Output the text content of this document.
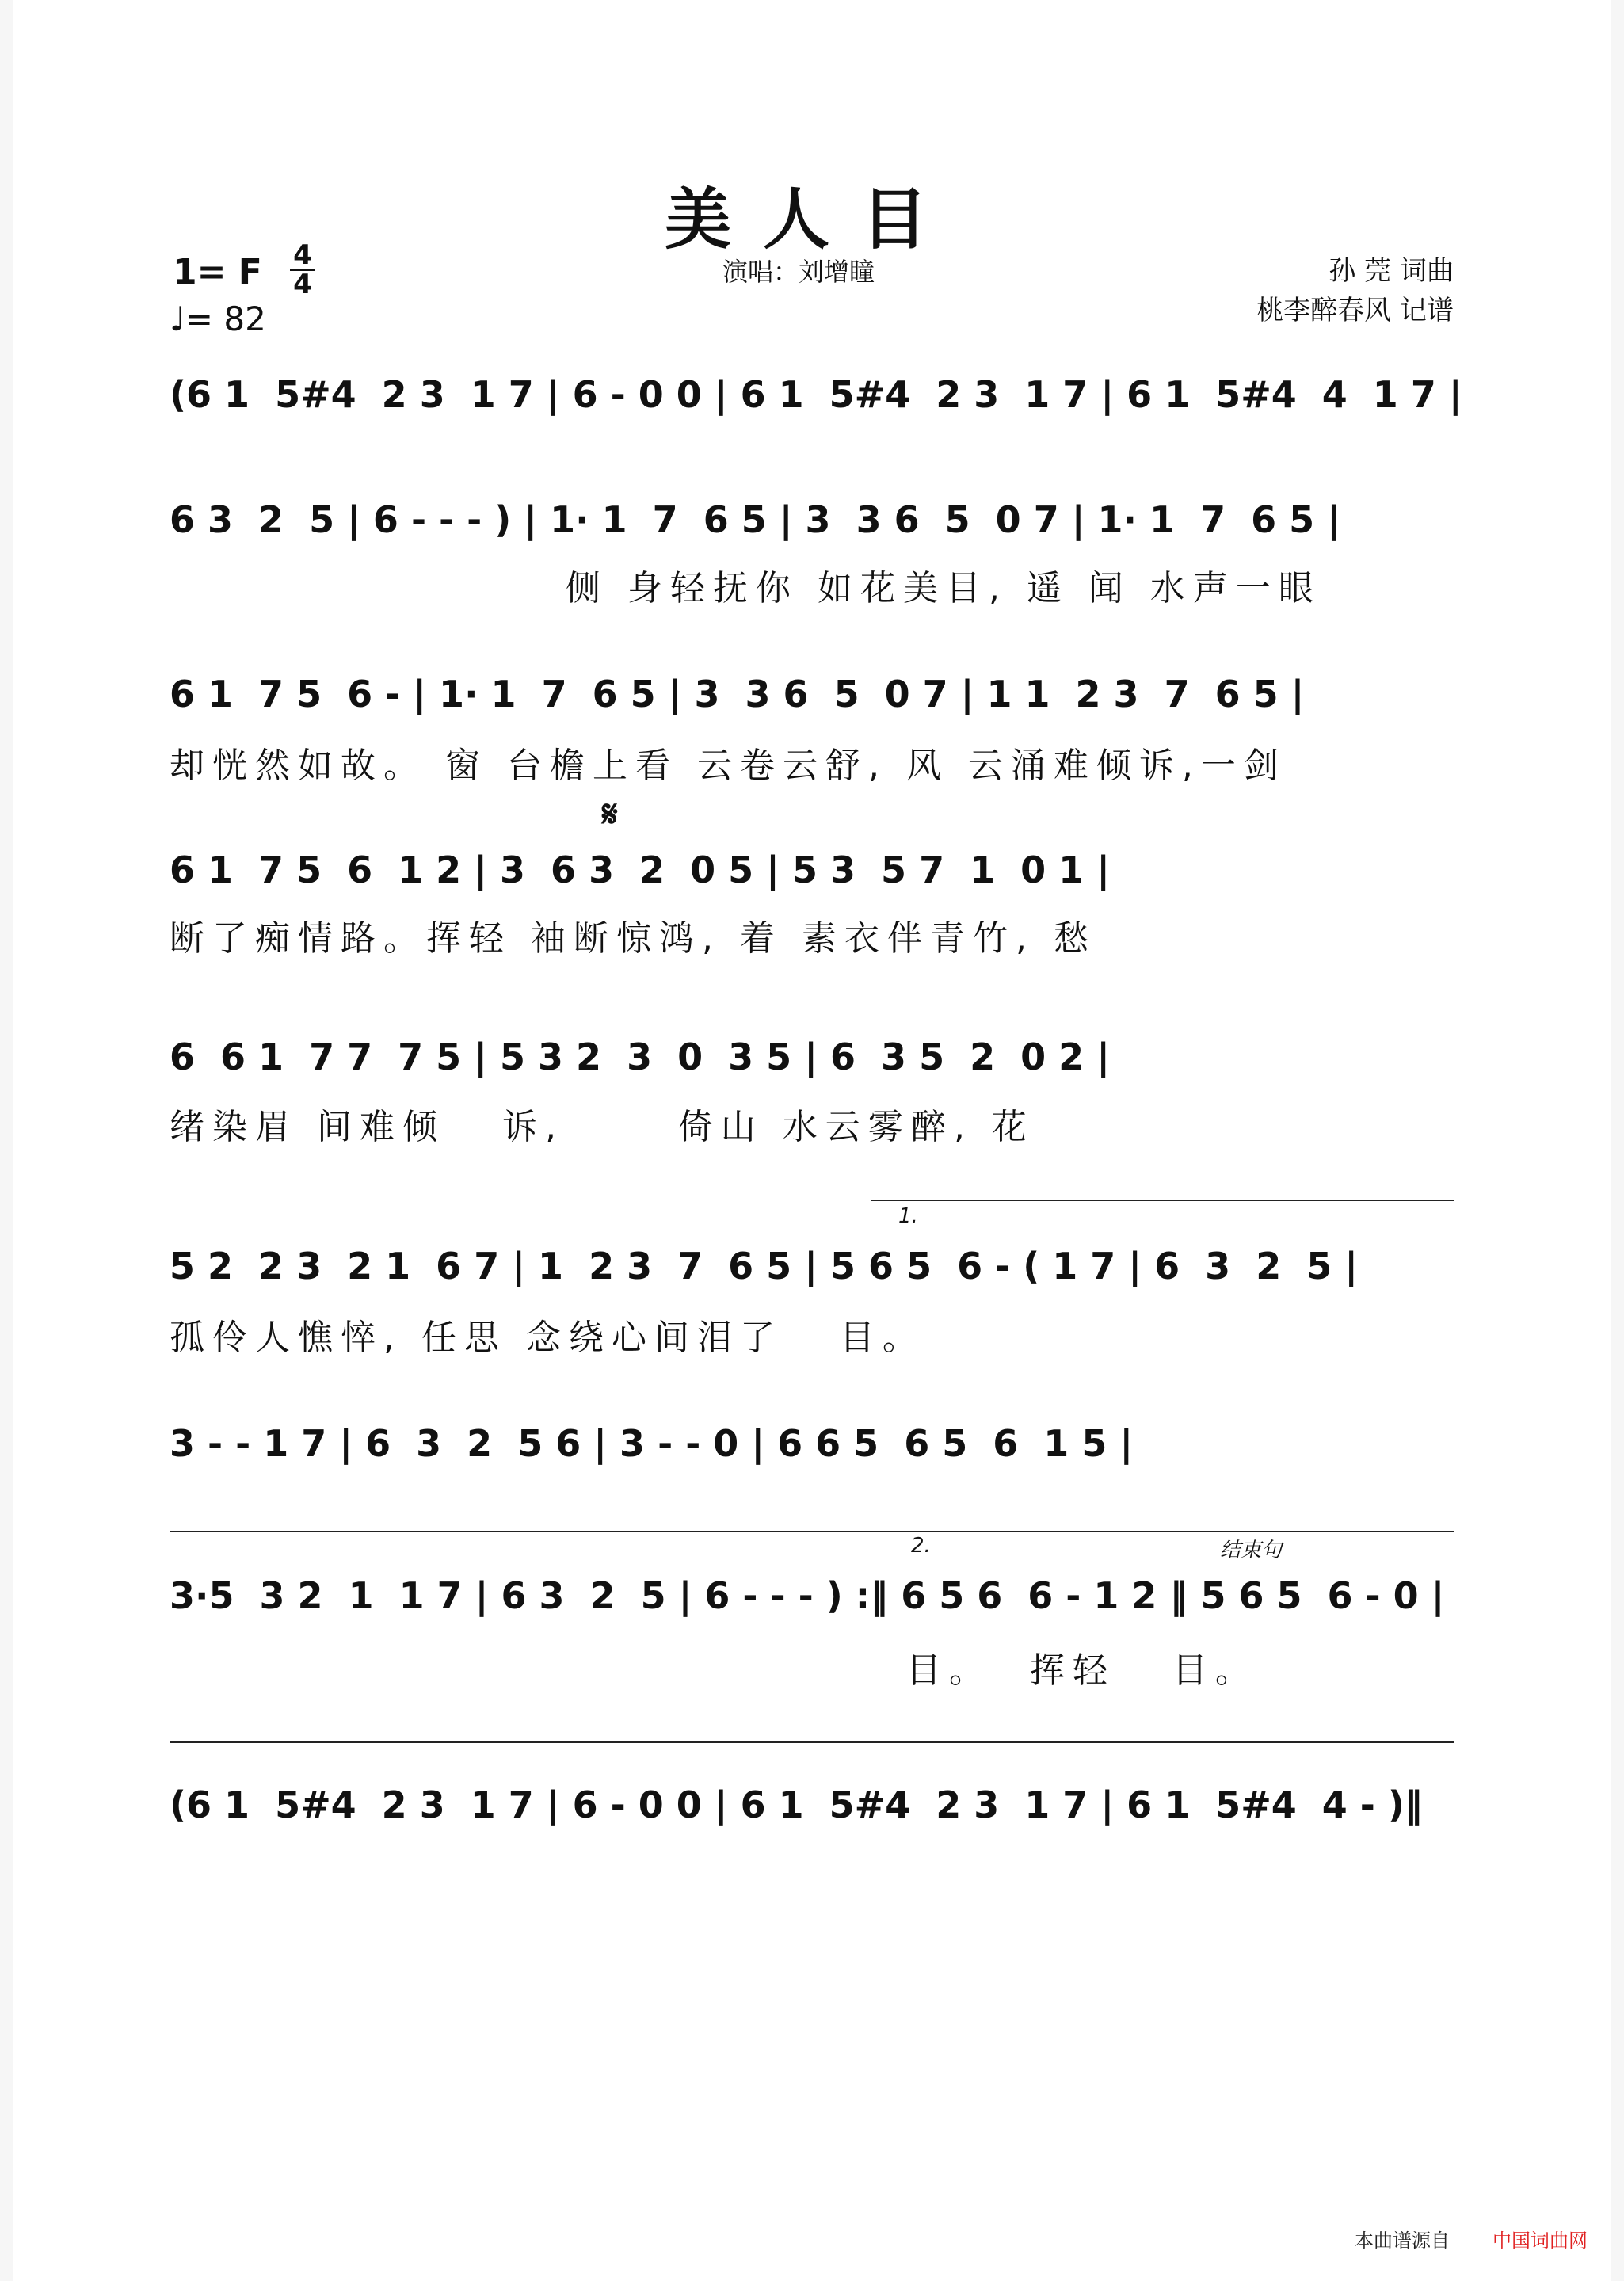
美人目
1= F 4
4
♩= 82
演唱：刘增瞳	孙 莞 词曲
桃李醉春风 记谱
(6 1  5#4  2 3  1 7 | 6 - 0 0 | 6 1  5#4  2 3  1 7 | 6 1  5#4  4  1 7 |
6 3  2  5 | 6 - - - ) | 1· 1  7  6 5 | 3  3 6  5  0 7 | 1· 1  7  6 5 |
侧 身轻抚你 如花美目, 遥 闻 水声一眼
6 1  7 5  6 - | 1· 1  7  6 5 | 3  3 6  5  0 7 | 1 1  2 3  7  6 5 |
却恍然如故。 窗 台檐上看 云卷云舒, 风 云涌难倾诉,一剑
𝄋
6 1  7 5  6  1 2 | 3  6 3  2  0 5 | 5 3  5 7  1  0 1 |
断了痴情路。挥轻 袖断惊鸿, 着 素衣伴青竹, 愁
6  6 1  7 7  7 5 | 5 3 2  3  0  3 5 | 6  3 5  2  0 2 |
绪染眉 间难倾   诉,      倚山 水云雾醉, 花
1.
5 2  2 3  2 1  6 7 | 1  2 3  7  6 5 | 5 6 5  6 - ( 1 7 | 6  3  2  5 |
孤伶人憔悴, 任思 念绕心间泪了   目。
3 - - 1 7 | 6  3  2  5 6 | 3 - - 0 | 6 6 5  6 5  6  1 5 |
2.	结束句
3·5  3 2  1  1 7 | 6 3  2  5 | 6 - - - ) :‖ 6 5 6  6 - 1 2 ‖ 5 6 5  6 - 0 |
目。  挥轻   目。
(6 1  5#4  2 3  1 7 | 6 - 0 0 | 6 1  5#4  2 3  1 7 | 6 1  5#4  4 - )‖
本曲谱源自 中国词曲网
